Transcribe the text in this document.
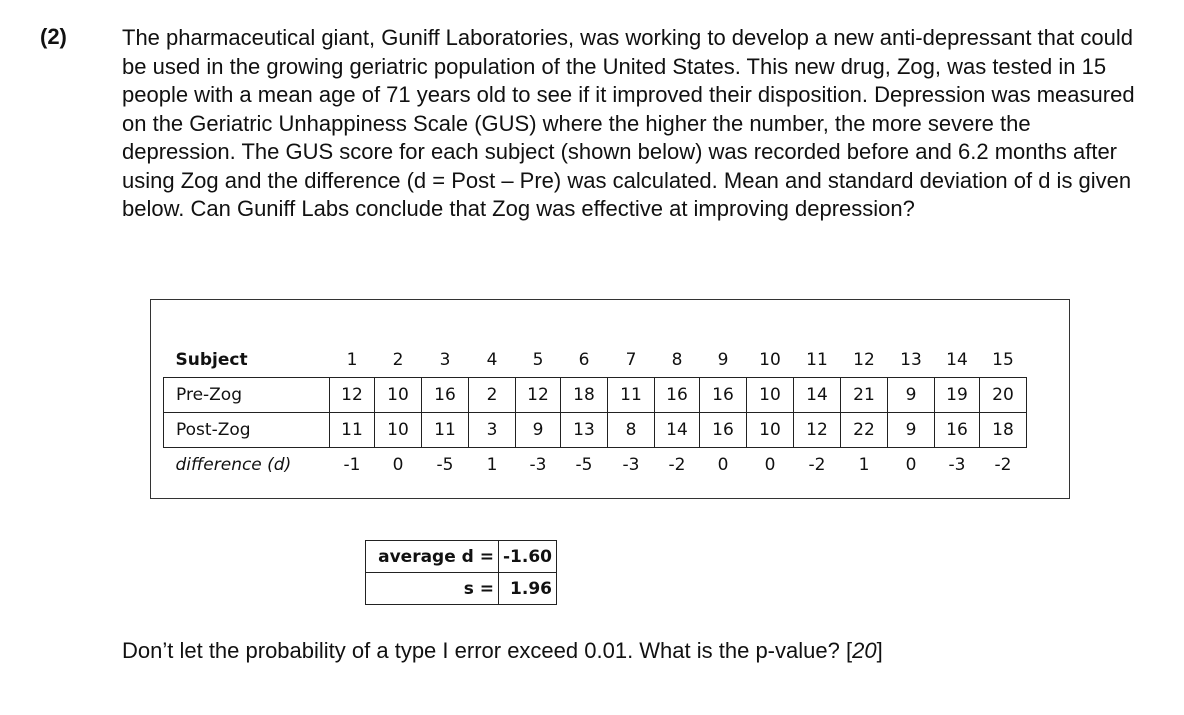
(2)	The pharmaceutical giant, Guniff Laboratories, was working to develop a new anti-depressant that could be used in the growing geriatric population of the United States. This new drug, Zog, was tested in 15 people with a mean age of 71 years old to see if it improved their disposition. Depression was measured on the Geriatric Unhappiness Scale (GUS) where the higher the number, the more severe the depression. The GUS score for each subject (shown below) was recorded before and 6.2 months after using Zog and the difference (d = Post – Pre) was calculated. Mean and standard deviation of d is given below. Can Guniff Labs conclude that Zog was effective at improving depression?

Subject	1	2	3	4	5	6	7	8	9	10	11	12	13	14	15
Pre-Zog	12	10	16	2	12	18	11	16	16	10	14	21	9	19	20
Post-Zog	11	10	11	3	9	13	8	14	16	10	12	22	9	16	18
difference (d)	-1	0	-5	1	-3	-5	-3	-2	0	0	-2	1	0	-3	-2
average d =	-1.60
s =	1.96

Don’t let the probability of a type I error exceed 0.01. What is the p-value? [20]
